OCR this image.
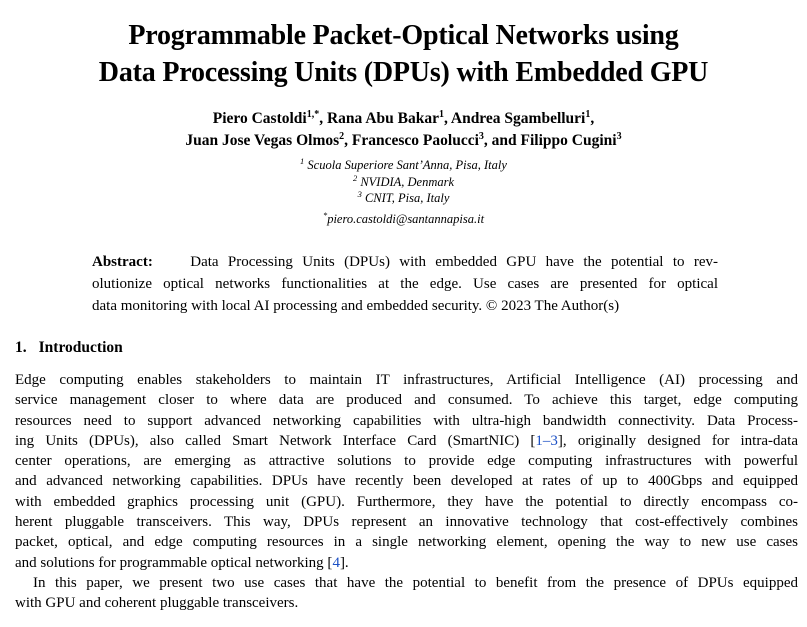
Programmable Packet-Optical Networks using
Data Processing Units (DPUs) with Embedded GPU
Piero Castoldi$^{1,*}$, Rana Abu Bakar$^1$, Andrea Sgambelluri$^1$,
Juan Jose Vegas Olmos$^2$, Francesco Paolucci$^3$, and Filippo Cugini$^3$
$^1$ Scuola Superiore Sant’Anna, Pisa, Italy
$^2$ NVIDIA, Denmark
$^3$ CNIT, Pisa, Italy
*piero.castoldi@santannapisa.it
Abstract: Data Processing Units (DPUs) with embedded GPU have the potential to rev-
olutionize optical networks functionalities at the edge. Use cases are presented for optical
data monitoring with local AI processing and embedded security. © 2023 The Author(s)
1. Introduction
Edge computing enables stakeholders to maintain IT infrastructures, Artificial Intelligence (AI) processing and
service management closer to where data are produced and consumed. To achieve this target, edge computing
resources need to support advanced networking capabilities with ultra-high bandwidth connectivity. Data Process-
ing Units (DPUs), also called Smart Network Interface Card (SmartNIC) [1–3], originally designed for intra-data
center operations, are emerging as attractive solutions to provide edge computing infrastructures with powerful
and advanced networking capabilities. DPUs have recently been developed at rates of up to 400Gbps and equipped
with embedded graphics processing unit (GPU). Furthermore, they have the potential to directly encompass co-
herent pluggable transceivers. This way, DPUs represent an innovative technology that cost-effectively combines
packet, optical, and edge computing resources in a single networking element, opening the way to new use cases
and solutions for programmable optical networking [4].
In this paper, we present two use cases that have the potential to benefit from the presence of DPUs equipped
with GPU and coherent pluggable transceivers.
